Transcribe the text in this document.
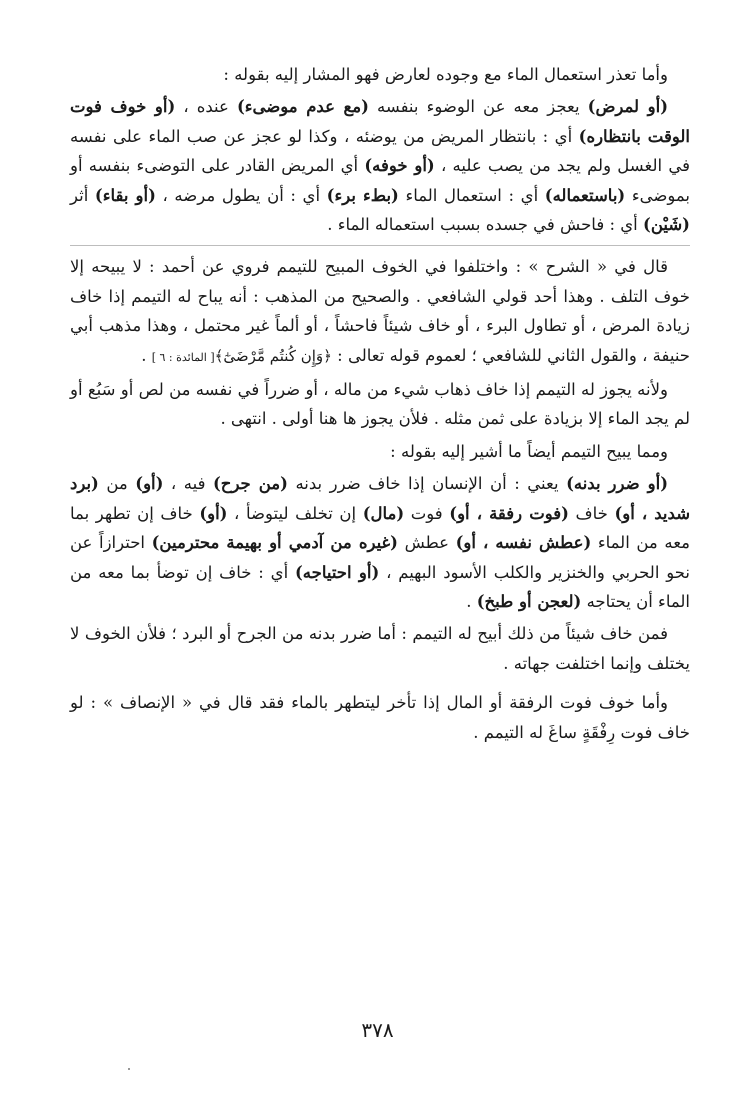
وأما تعذر استعمال الماء مع وجوده لعارض فهو المشار إليه بقوله :

(أو لمرض) يعجز معه عن الوضوء بنفسه (مع عدم موضىء) عنده ، (أو خوف فوت الوقت بانتظاره) أي : بانتظار المريض من يوضئه ، وكذا لو عجز عن صب الماء على نفسه في الغسل ولم يجد من يصب عليه ، (أو خوفه) أي المريض القادر على التوضىء بنفسه أو بموضىء (باستعماله) أي : استعمال الماء (بطء برء) أي : أن يطول مرضه ، (أو بقاء) أثر (شَيْن) أي : فاحش في جسده بسبب استعماله الماء .

قال في « الشرح » : واختلفوا في الخوف المبيح للتيمم فروي عن أحمد : لا يبيحه إلا خوف التلف . وهذا أحد قولي الشافعي . والصحيح من المذهب : أنه يباح له التيمم إذا خاف زيادة المرض ، أو تطاول البرء ، أو خاف شيئاً فاحشاً ، أو ألماً غير محتمل ، وهذا مذهب أبي حنيفة ، والقول الثاني للشافعي ؛ لعموم قوله تعالى : ﴿وَإِن كُنتُم مَّرْضَىٰٓ﴾[ المائدة : ٦ ] .

ولأنه يجوز له التيمم إذا خاف ذهاب شيء من ماله ، أو ضرراً في نفسه من لص أو سَبُع أو لم يجد الماء إلا بزيادة على ثمن مثله . فلأن يجوز ها هنا أولى . انتهى .

ومما يبيح التيمم أيضاً ما أشير إليه بقوله :

(أو ضرر بدنه) يعني : أن الإنسان إذا خاف ضرر بدنه (من جرح) فيه ، (أو) من (برد شديد ، أو) خاف (فوت رفقة ، أو) فوت (مال) إن تخلف ليتوضأ ، (أو) خاف إن تطهر بما معه من الماء (عطش نفسه ، أو) عطش (غيره من آدمي أو بهيمة محترمين) احترازاً عن نحو الحربي والخنزير والكلب الأسود البهيم ، (أو احتياجه) أي : خاف إن توضأ بما معه من الماء أن يحتاجه (لعجن أو طبخ) .

فمن خاف شيئاً من ذلك أبيح له التيمم : أما ضرر بدنه من الجرح أو البرد ؛ فلأن الخوف لا يختلف وإنما اختلفت جهاته .

وأما خوف فوت الرفقة أو المال إذا تأخر ليتطهر بالماء فقد قال في « الإنصاف » : لو خاف فوت رِفْقَةٍ ساغَ له التيمم .

٣٧٨
